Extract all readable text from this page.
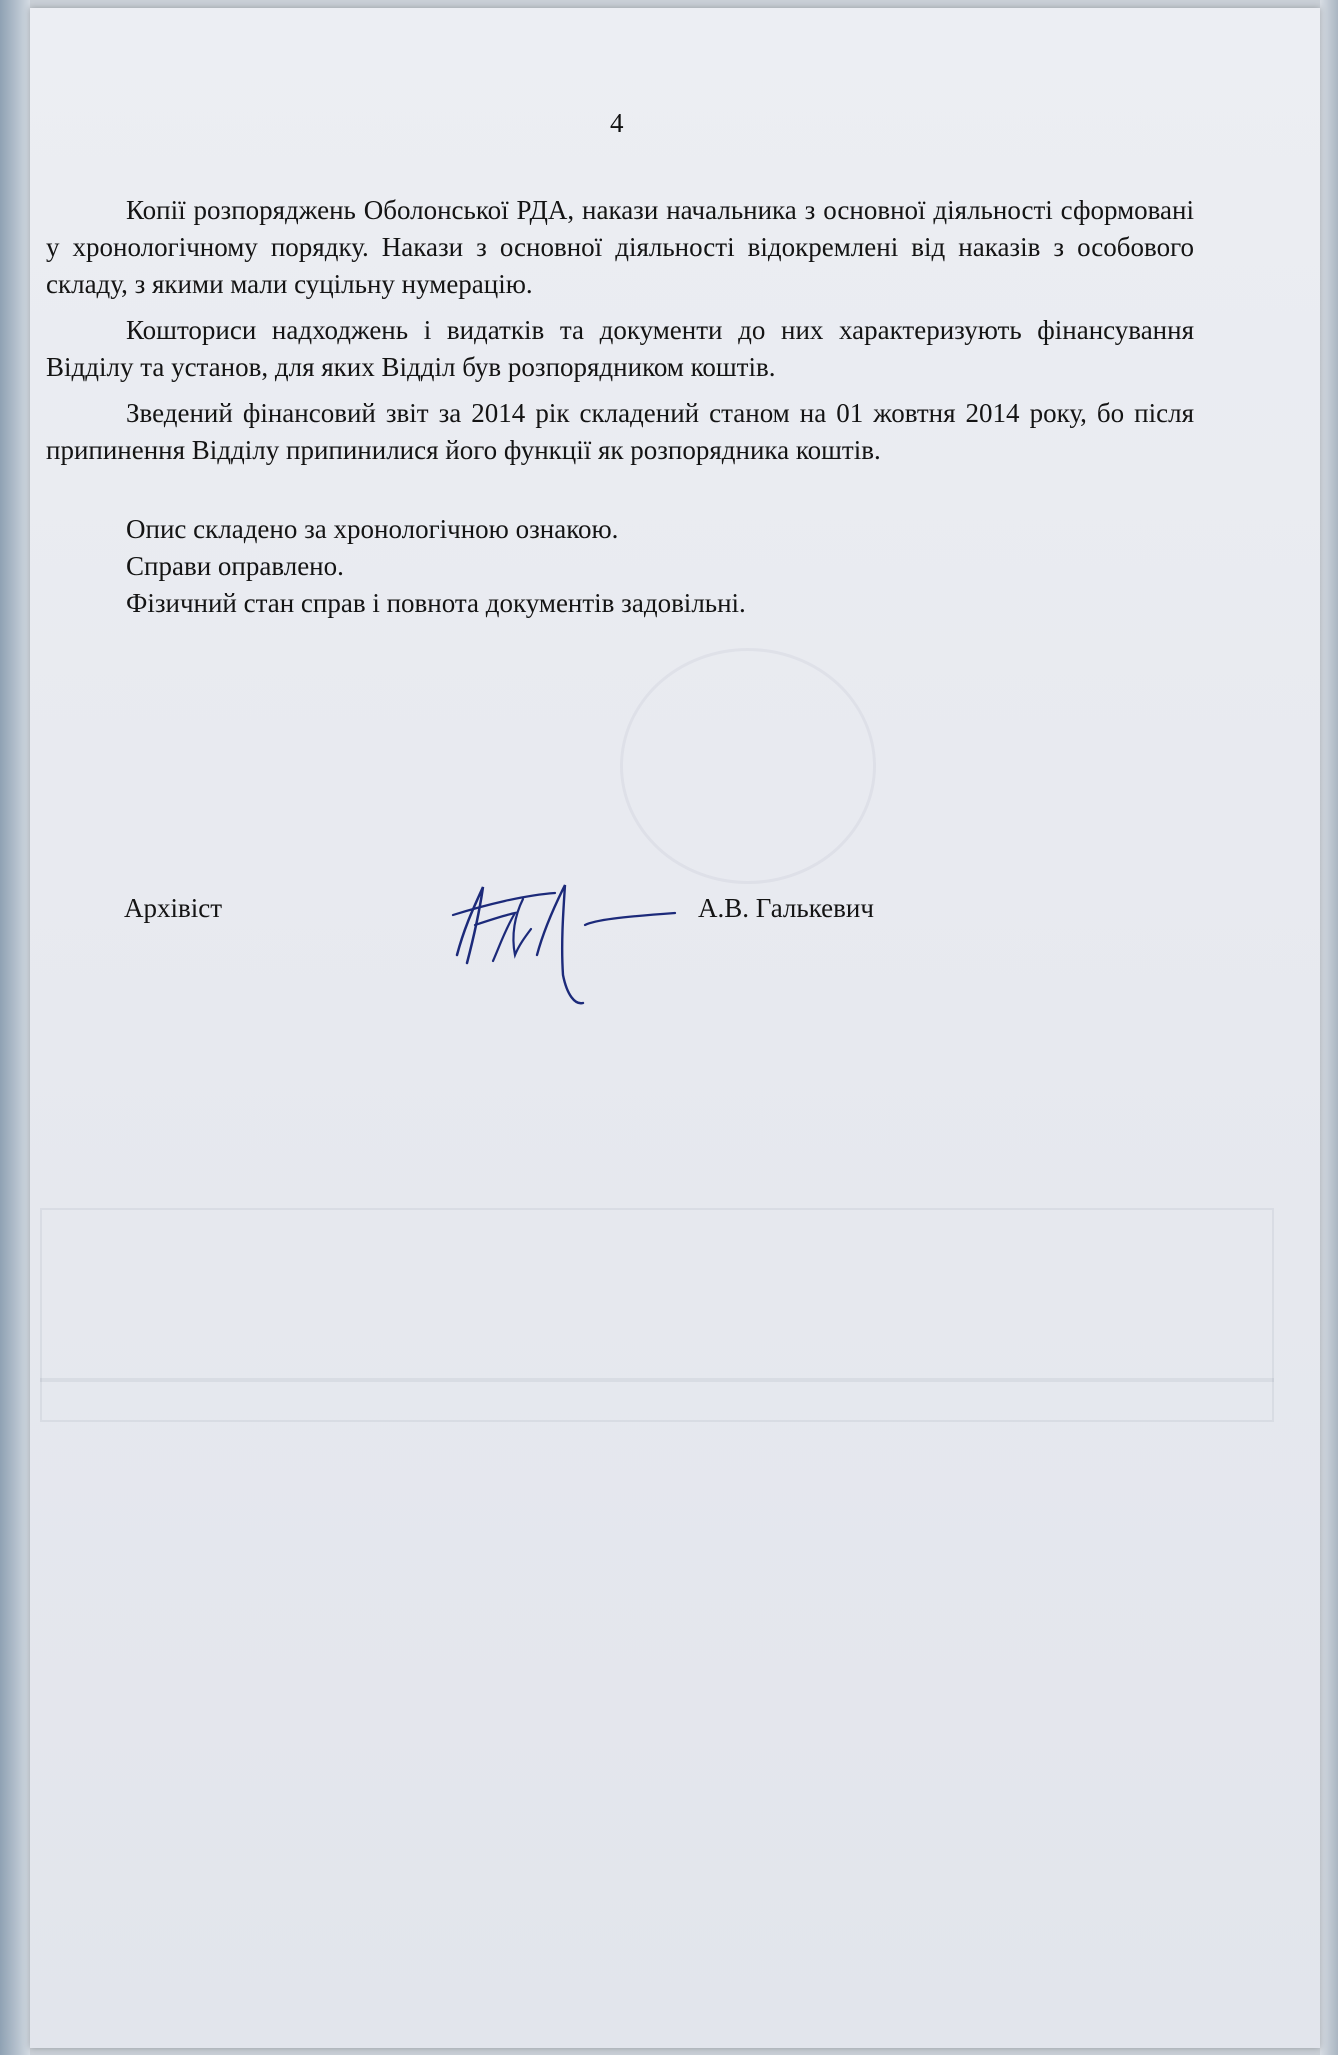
4

Копії розпоряджень Оболонської РДА, накази начальника з основної діяльності сформовані у хронологічному порядку. Накази з основної діяльності відокремлені від наказів з особового складу, з якими мали суцільну нумерацію.

Кошториси надходжень і видатків та документи до них характеризують фінансування Відділу та установ, для яких Відділ був розпорядником коштів.

Зведений фінансовий звіт за 2014 рік складений станом на 01 жовтня 2014 року, бо після припинення Відділу припинилися його функції як розпорядника коштів.

Опис складено за хронологічною ознакою.

Справи оправлено.

Фізичний стан справ і повнота документів задовільні.

Архівіст	А.В. Галькевич
